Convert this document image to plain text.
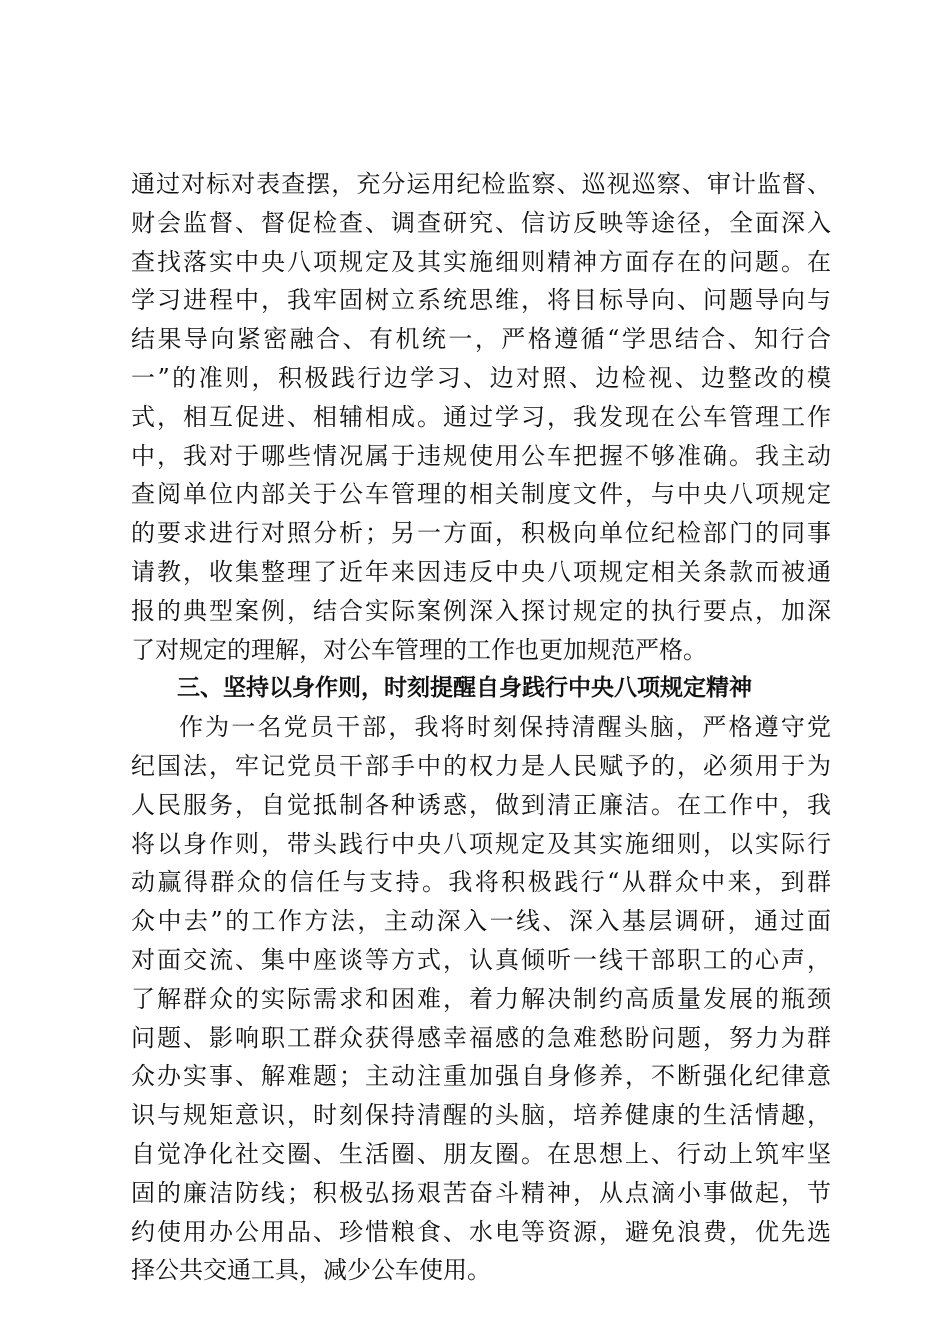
通过对标对表查摆，充分运用纪检监察、巡视巡察、审计监督、
财会监督、督促检查、调查研究、信访反映等途径，全面深入
查找落实中央八项规定及其实施细则精神方面存在的问题。在
学习进程中，我牢固树立系统思维，将目标导向、问题导向与
结果导向紧密融合、有机统一，严格遵循“学思结合、知行合
一”的准则，积极践行边学习、边对照、边检视、边整改的模
式，相互促进、相辅相成。通过学习，我发现在公车管理工作
中，我对于哪些情况属于违规使用公车把握不够准确。我主动
查阅单位内部关于公车管理的相关制度文件，与中央八项规定
的要求进行对照分析；另一方面，积极向单位纪检部门的同事
请教，收集整理了近年来因违反中央八项规定相关条款而被通
报的典型案例，结合实际案例深入探讨规定的执行要点，加深
了对规定的理解，对公车管理的工作也更加规范严格。
三、坚持以身作则，时刻提醒自身践行中央八项规定精神
作为一名党员干部，我将时刻保持清醒头脑，严格遵守党
纪国法，牢记党员干部手中的权力是人民赋予的，必须用于为
人民服务，自觉抵制各种诱惑，做到清正廉洁。在工作中，我
将以身作则，带头践行中央八项规定及其实施细则，以实际行
动赢得群众的信任与支持。我将积极践行“从群众中来，到群
众中去”的工作方法，主动深入一线、深入基层调研，通过面
对面交流、集中座谈等方式，认真倾听一线干部职工的心声，
了解群众的实际需求和困难，着力解决制约高质量发展的瓶颈
问题、影响职工群众获得感幸福感的急难愁盼问题，努力为群
众办实事、解难题；主动注重加强自身修养，不断强化纪律意
识与规矩意识，时刻保持清醒的头脑，培养健康的生活情趣，
自觉净化社交圈、生活圈、朋友圈。在思想上、行动上筑牢坚
固的廉洁防线；积极弘扬艰苦奋斗精神，从点滴小事做起，节
约使用办公用品、珍惜粮食、水电等资源，避免浪费，优先选
择公共交通工具，减少公车使用。
